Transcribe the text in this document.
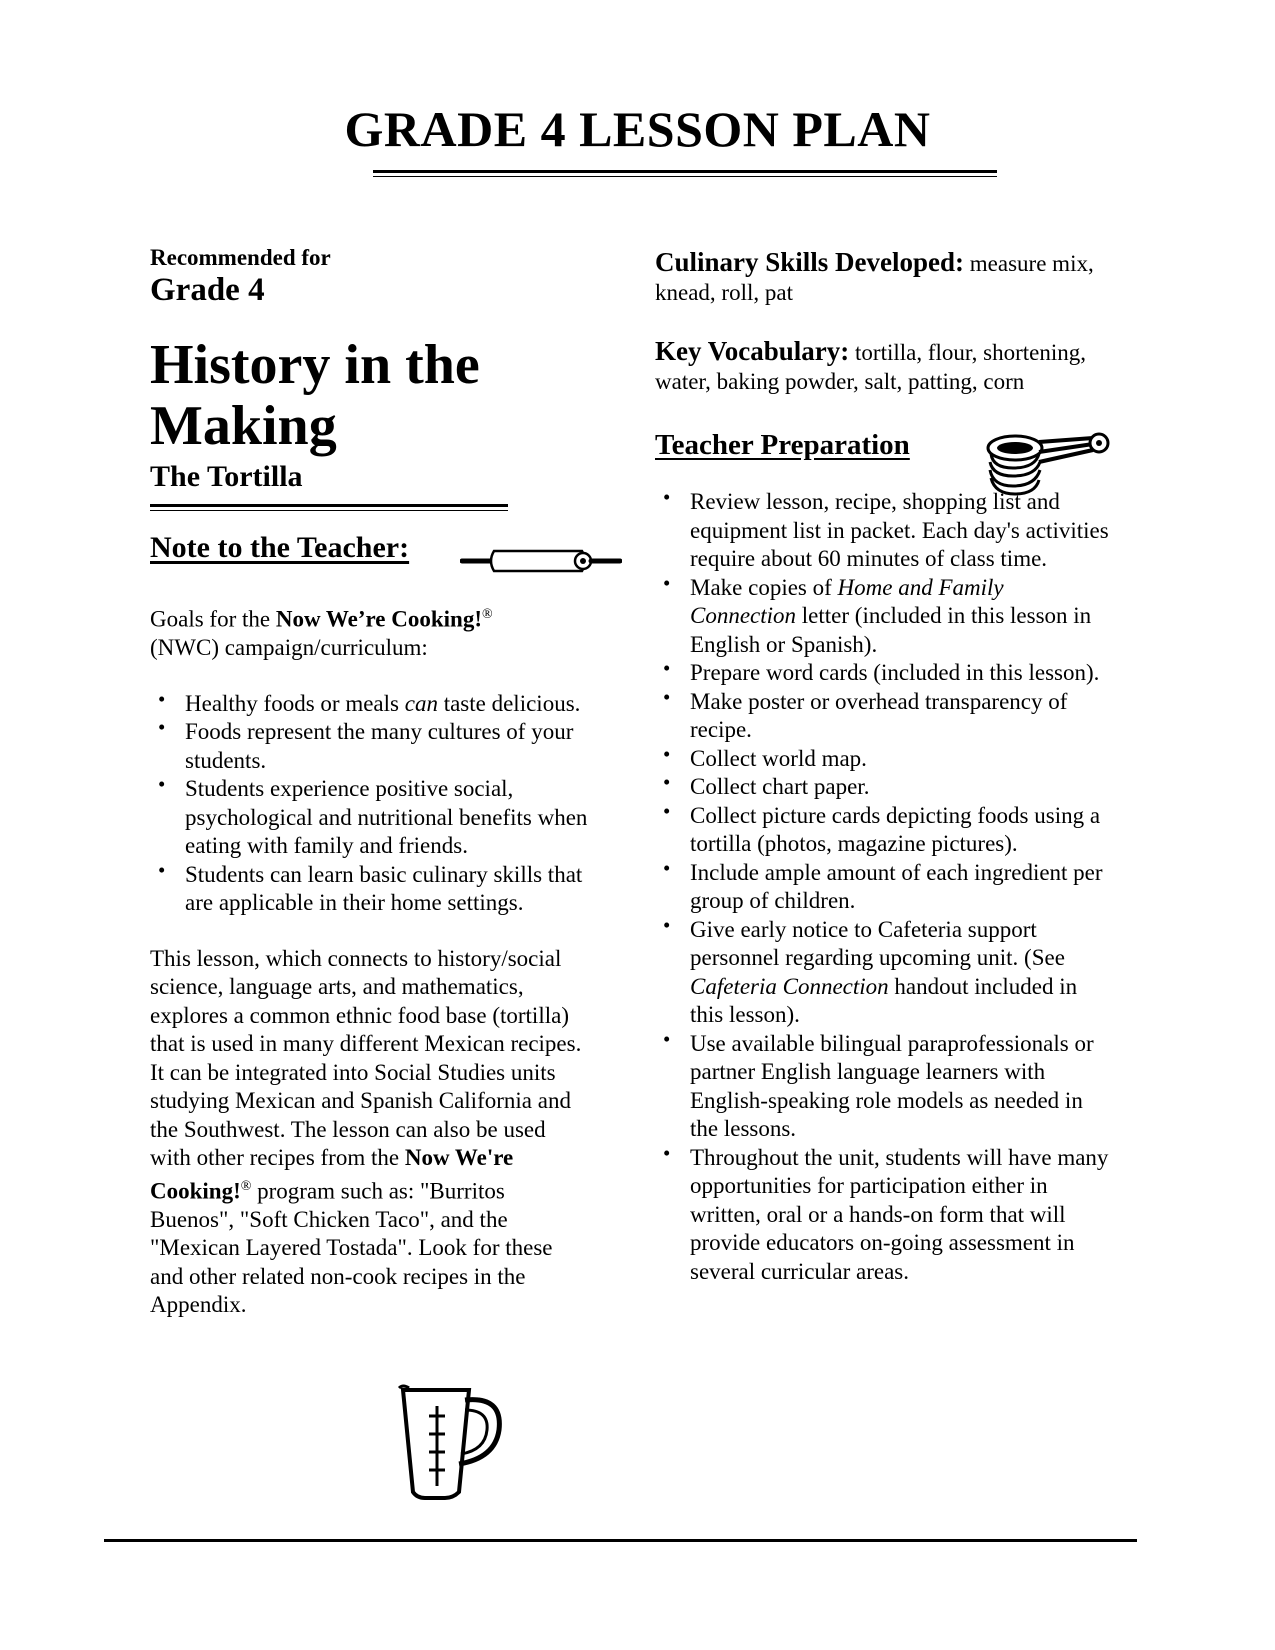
GRADE 4 LESSON PLAN
Recommended for
Grade 4
History in the
Making
The Tortilla
Note to the Teacher:
Goals for the Now We’re Cooking!®
(NWC) campaign/curriculum:
• Healthy foods or meals can taste delicious.
• Foods represent the many cultures of your students.
• Students experience positive social, psychological and nutritional benefits when eating with family and friends.
• Students can learn basic culinary skills that are applicable in their home settings.
This lesson, which connects to history/social science, language arts, and mathematics, explores a common ethnic food base (tortilla) that is used in many different Mexican recipes. It can be integrated into Social Studies units studying Mexican and Spanish California and the Southwest. The lesson can also be used with other recipes from the Now We're Cooking!® program such as: "Burritos Buenos", "Soft Chicken Taco", and the "Mexican Layered Tostada". Look for these and other related non-cook recipes in the Appendix.
Culinary Skills Developed: measure mix, knead, roll, pat
Key Vocabulary: tortilla, flour, shortening, water, baking powder, salt, patting, corn
Teacher Preparation
• Review lesson, recipe, shopping list and equipment list in packet. Each day's activities require about 60 minutes of class time.
• Make copies of Home and Family Connection letter (included in this lesson in English or Spanish).
• Prepare word cards (included in this lesson).
• Make poster or overhead transparency of recipe.
• Collect world map.
• Collect chart paper.
• Collect picture cards depicting foods using a tortilla (photos, magazine pictures).
• Include ample amount of each ingredient per group of children.
• Give early notice to Cafeteria support personnel regarding upcoming unit. (See Cafeteria Connection handout included in this lesson).
• Use available bilingual paraprofessionals or partner English language learners with English-speaking role models as needed in the lessons.
• Throughout the unit, students will have many opportunities for participation either in written, oral or a hands-on form that will provide educators on-going assessment in several curricular areas.
